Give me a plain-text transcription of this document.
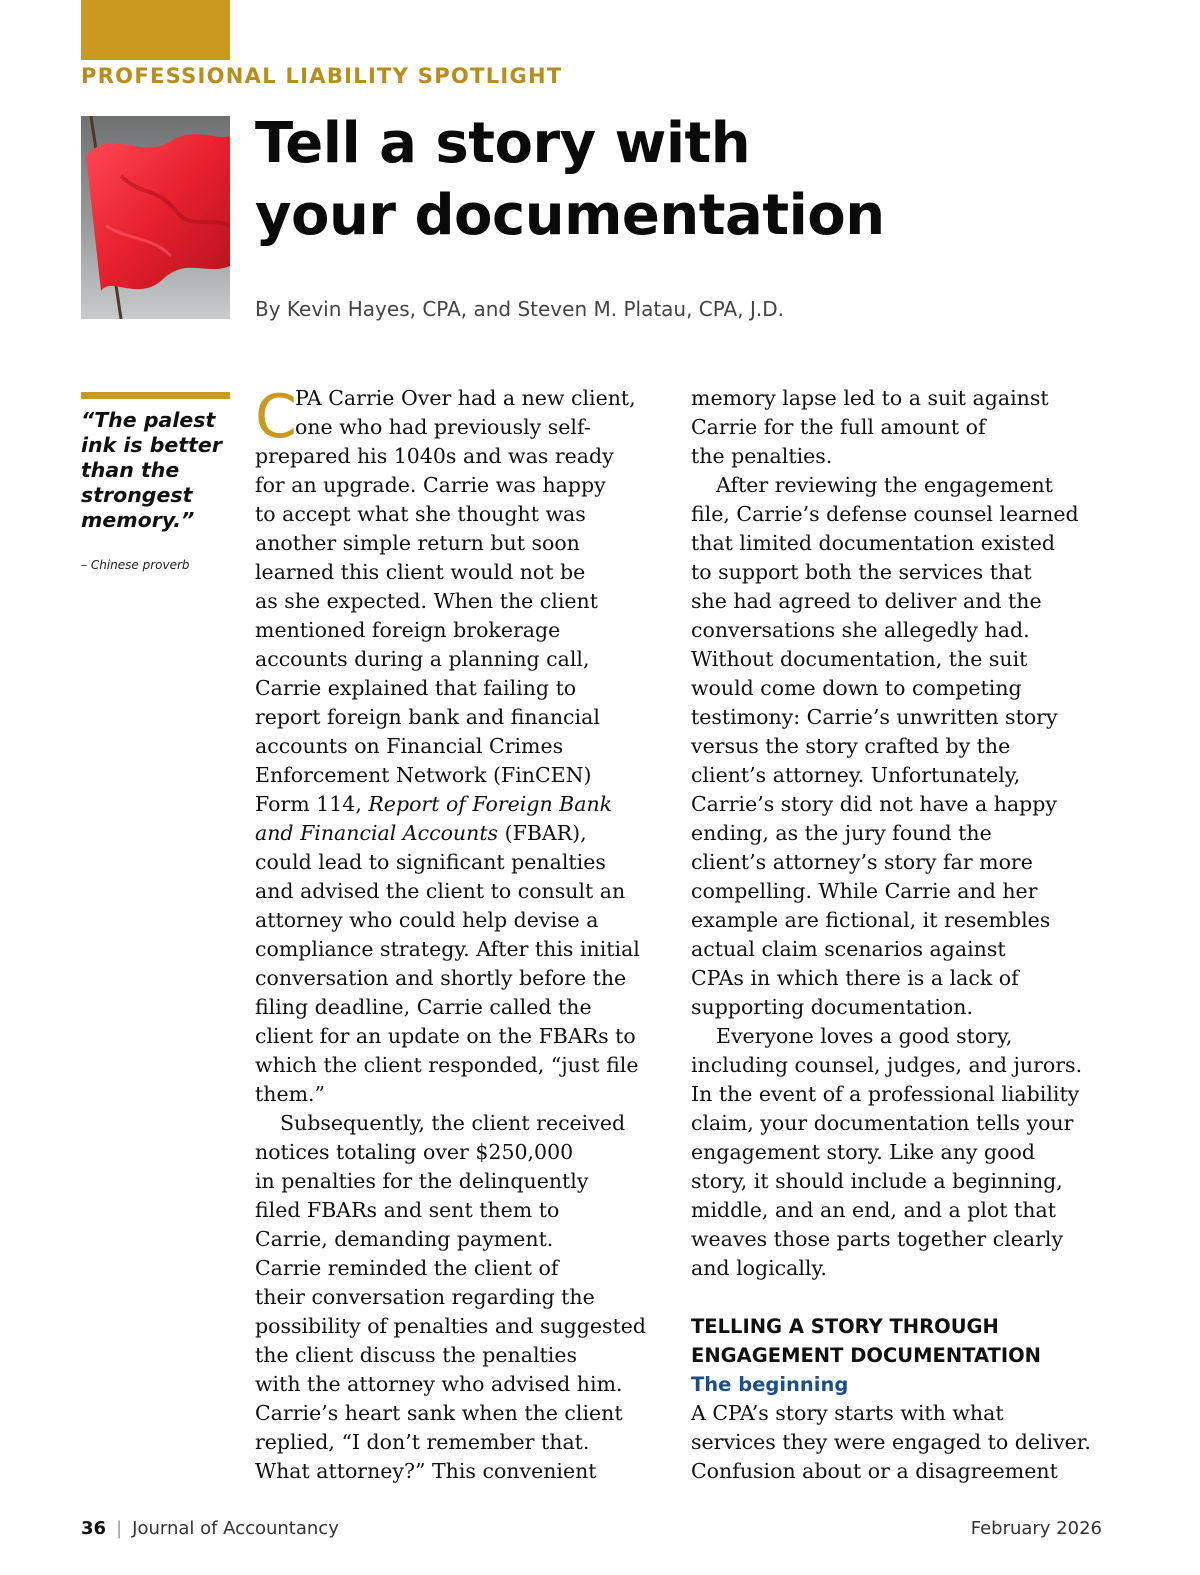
PROFESSIONAL LIABILITY SPOTLIGHT
Tell a story with
your documentation
By Kevin Hayes, CPA, and Steven M. Platau, CPA, J.D.
“The palest
ink is better
than the
strongest
memory.”
– Chinese proverb
C
PA Carrie Over had a new client,
one who had previously self-
prepared his 1040s and was ready
for an upgrade. Carrie was happy
to accept what she thought was
another simple return but soon
learned this client would not be
as she expected. When the client
mentioned foreign brokerage
accounts during a planning call,
Carrie explained that failing to
report foreign bank and financial
accounts on Financial Crimes
Enforcement Network (FinCEN)
Form 114, Report of Foreign Bank
and Financial Accounts (FBAR),
could lead to significant penalties
and advised the client to consult an
attorney who could help devise a
compliance strategy. After this initial
conversation and shortly before the
filing deadline, Carrie called the
client for an update on the FBARs to
which the client responded, “just file
them.”
Subsequently, the client received
notices totaling over $250,000
in penalties for the delinquently
filed FBARs and sent them to
Carrie, demanding payment.
Carrie reminded the client of
their conversation regarding the
possibility of penalties and suggested
the client discuss the penalties
with the attorney who advised him.
Carrie’s heart sank when the client
replied, “I don’t remember that.
What attorney?” This convenient
memory lapse led to a suit against
Carrie for the full amount of
the penalties.
After reviewing the engagement
file, Carrie’s defense counsel learned
that limited documentation existed
to support both the services that
she had agreed to deliver and the
conversations she allegedly had.
Without documentation, the suit
would come down to competing
testimony: Carrie’s unwritten story
versus the story crafted by the
client’s attorney. Unfortunately,
Carrie’s story did not have a happy
ending, as the jury found the
client’s attorney’s story far more
compelling. While Carrie and her
example are fictional, it resembles
actual claim scenarios against
CPAs in which there is a lack of
supporting documentation.
Everyone loves a good story,
including counsel, judges, and jurors.
In the event of a professional liability
claim, your documentation tells your
engagement story. Like any good
story, it should include a beginning,
middle, and an end, and a plot that
weaves those parts together clearly
and logically.
TELLING A STORY THROUGH
ENGAGEMENT DOCUMENTATION
The beginning
A CPA’s story starts with what
services they were engaged to deliver.
Confusion about or a disagreement
36 | Journal of Accountancy	February 2026
